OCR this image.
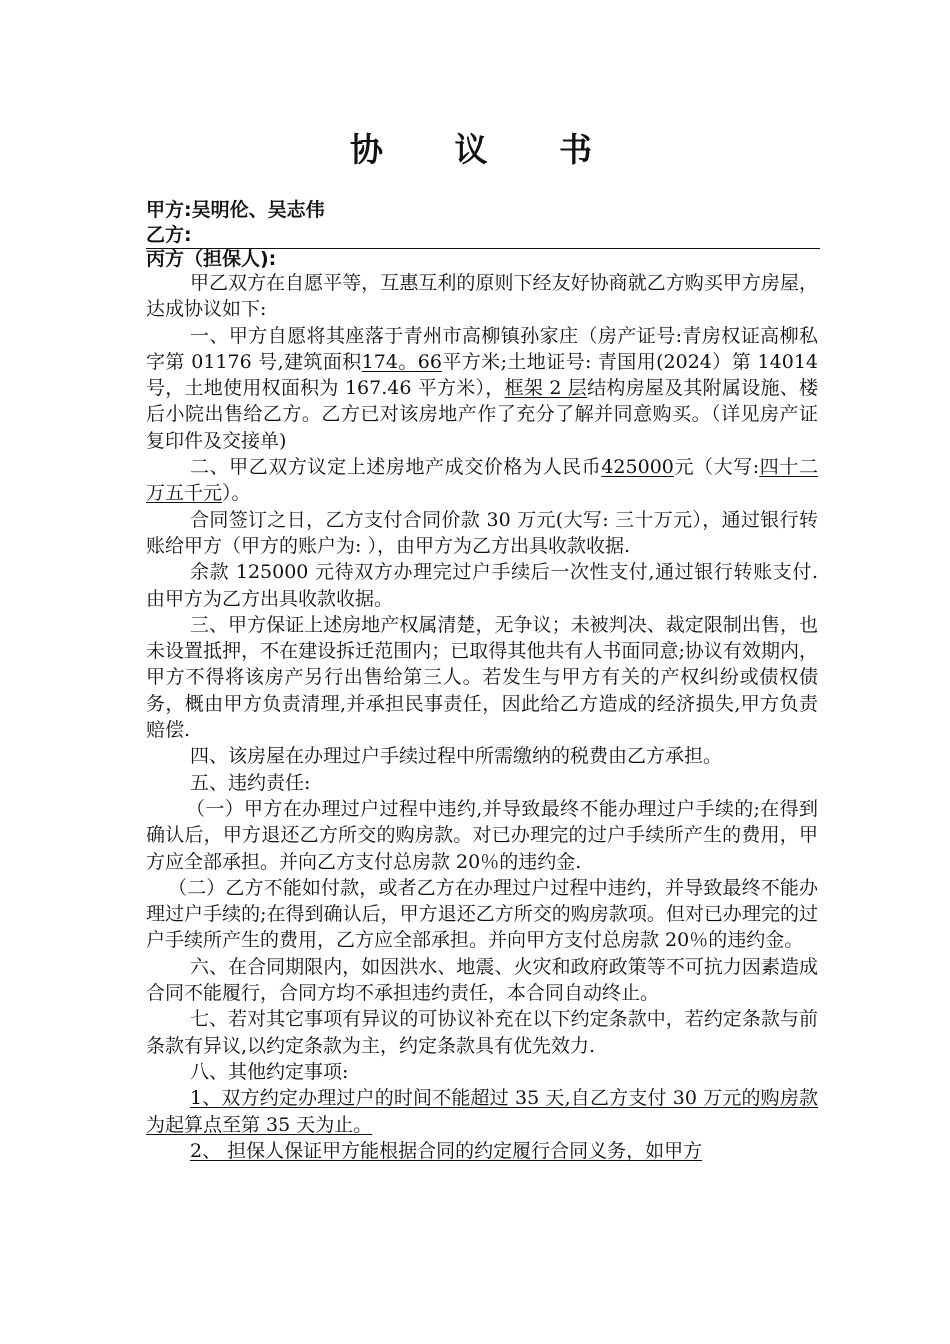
协 议 书
甲方:吴明伦、吴志伟
乙方:
丙方（担保人):

甲乙双方在自愿平等，互惠互利的原则下经友好协商就乙方购买甲方房屋，达成协议如下:

一、甲方自愿将其座落于青州市高柳镇孙家庄（房产证号:青房权证高柳私字第 01176 号,建筑面积174。66平方米;土地证号: 青国用(2024）第 14014 号，土地使用权面积为 167.46 平方米），框架 2 层结构房屋及其附属设施、楼后小院出售给乙方。乙方已对该房地产作了充分了解并同意购买。（详见房产证复印件及交接单)

二、甲乙双方议定上述房地产成交价格为人民币425000元（大写:四十二万五千元）。

合同签订之日，乙方支付合同价款 30 万元(大写: 三十万元），通过银行转账给甲方（甲方的账户为: ），由甲方为乙方出具收款收据.

余款 125000 元待双方办理完过户手续后一次性支付,通过银行转账支付.由甲方为乙方出具收款收据。

三、甲方保证上述房地产权属清楚，无争议；未被判决、裁定限制出售，也未设置抵押，不在建设拆迁范围内；已取得其他共有人书面同意;协议有效期内，甲方不得将该房产另行出售给第三人。若发生与甲方有关的产权纠纷或债权债务，概由甲方负责清理,并承担民事责任，因此给乙方造成的经济损失,甲方负责赔偿.

四、该房屋在办理过户手续过程中所需缴纳的税费由乙方承担。

五、违约责任:

（一）甲方在办理过户过程中违约,并导致最终不能办理过户手续的;在得到确认后，甲方退还乙方所交的购房款。对已办理完的过户手续所产生的费用，甲方应全部承担。并向乙方支付总房款 20％的违约金.

（二）乙方不能如付款，或者乙方在办理过户过程中违约，并导致最终不能办理过户手续的;在得到确认后，甲方退还乙方所交的购房款项。但对已办理完的过户手续所产生的费用，乙方应全部承担。并向甲方支付总房款 20％的违约金。

六、在合同期限内，如因洪水、地震、火灾和政府政策等不可抗力因素造成合同不能履行，合同方均不承担违约责任，本合同自动终止。

七、若对其它事项有异议的可协议补充在以下约定条款中，若约定条款与前条款有异议,以约定条款为主，约定条款具有优先效力.

八、其他约定事项:

1、双方约定办理过户的时间不能超过 35 天,自乙方支付 30 万元的购房款为起算点至第 35 天为止。

2、 担保人保证甲方能根据合同的约定履行合同义务，如甲方
